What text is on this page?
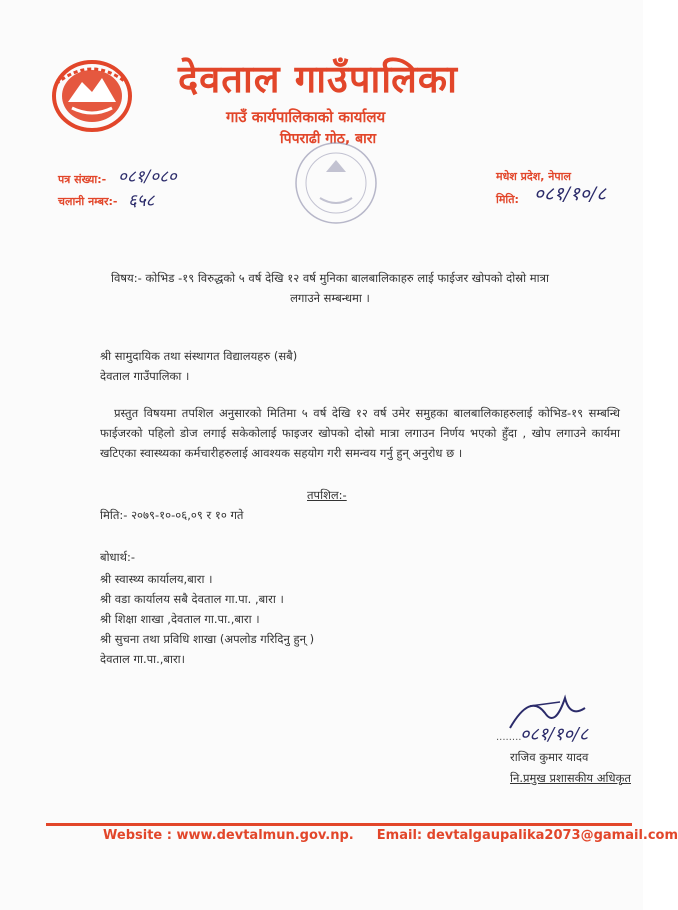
देवताल गाउँपालिका
गाउँ कार्यपालिकाको कार्यालय
पिपराढी गोठ, बारा
पत्र संख्या:- ०८१/०८०
चलानी नम्बर:- ६५८
मधेश प्रदेश, नेपाल
मिति: ०८१/१०/८
विषय:- कोभिड -१९ विरुद्धको ५ वर्ष देखि १२ वर्ष मुनिका बालबालिकाहरु लाई फाईजर खोपको दोस्रो मात्रा लगाउने सम्बन्धमा ।
श्री सामुदायिक तथा संस्थागत विद्यालयहरु (सबै)
देवताल गाउँपालिका ।
प्रस्तुत विषयमा तपशिल अनुसारको मितिमा ५ वर्ष देखि १२ वर्ष उमेर समुहका बालबालिकाहरुलाई कोभिड-१९ सम्बन्धि फाईजरको पहिलो डोज लगाई सकेकोलाई फाइजर खोपको दोस्रो मात्रा लगाउन निर्णय भएको हुँदा , खोप लगाउने कार्यमा खटिएका स्वास्थ्यका कर्मचारीहरुलाई आवश्यक सहयोग गरी समन्वय गर्नु हुन् अनुरोध छ ।
तपशिल:-
मिति:- २०७९-१०-०६,०९ र १० गते
बोधार्थ:-
श्री स्वास्थ्य कार्यालय,बारा ।
श्री वडा कार्यालय सबै देवताल गा.पा. ,बारा ।
श्री शिक्षा शाखा ,देवताल गा.पा.,बारा ।
श्री सुचना तथा प्रविधि शाखा (अपलोड गरिदिनु हुन् )
देवताल गा.पा.,बारा।
........
०८१/१०/८
राजिव कुमार यादव
नि.प्रमुख प्रशासकीय अधिकृत
Website : www.devtalmun.gov.np. Email: devtalgaupalika2073@gamail.com
